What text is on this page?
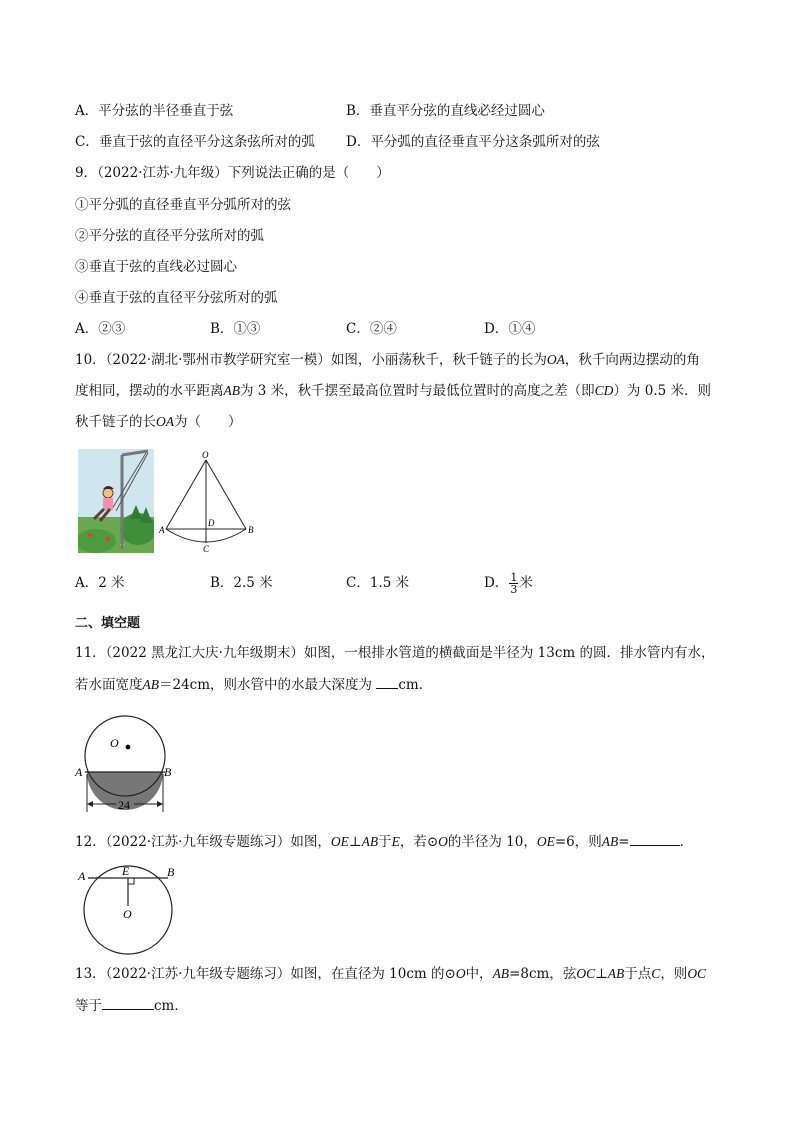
A．平分弦的半径垂直于弦	B．垂直平分弦的直线必经过圆心
C．垂直于弦的直径平分这条弦所对的弧 D．平分弧的直径垂直平分这条弧所对的弦
9．（2022·江苏·九年级）下列说法正确的是（　　）
①平分弧的直径垂直平分弧所对的弦
②平分弦的直径平分弦所对的弧
③垂直于弦的直线必过圆心
④垂直于弦的直径平分弦所对的弧
A．②③	B．①③	C．②④	D．①④
10．（2022·湖北·鄂州市教学研究室一模）如图，小丽荡秋千，秋千链子的长为OA，秋千向两边摆动的角
度相同，摆动的水平距离AB为 3 米，秋千摆至最高位置时与最低位置时的高度之差（即CD）为 0.5 米．则
秋千链子的长OA为（　　）
O
A	B
D
C
A．2 米	B．2.5 米	C．1.5 米	D． $\frac{1}{3}$ 米
二、填空题
11．（2022 黑龙江大庆·九年级期末）如图，一根排水管道的横截面是半径为 13cm 的圆．排水管内有水，
若水面宽度AB＝24cm，则水管中的水最大深度为 cm．
O
A	B
24
12．（2022·江苏·九年级专题练习）如图，OE⊥AB于E，若⊙O的半径为 10，OE=6，则AB=	．
A	B
E
O
13．（2022·江苏·九年级专题练习）如图，在直径为 10cm 的⊙O中，AB=8cm，弦OC⊥AB于点C，则OC
等于	cm．
